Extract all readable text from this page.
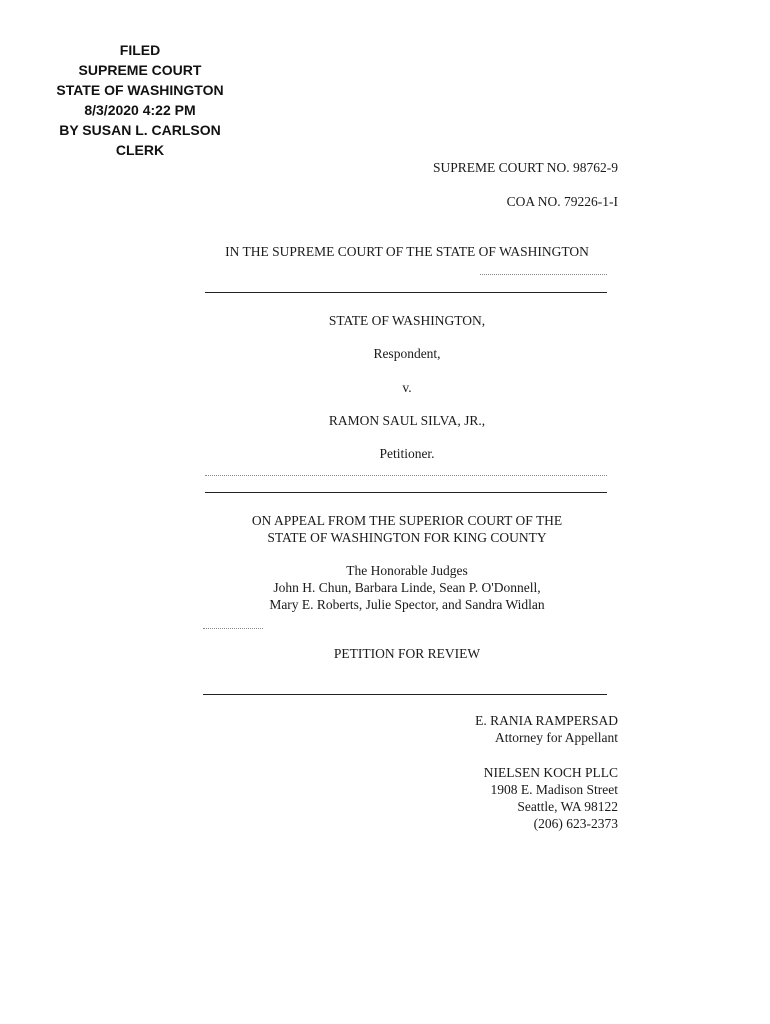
FILED
SUPREME COURT
STATE OF WASHINGTON
8/3/2020 4:22 PM
BY SUSAN L. CARLSON
CLERK
SUPREME COURT NO. 98762-9
COA NO. 79226-1-I
IN THE SUPREME COURT OF THE STATE OF WASHINGTON
STATE OF WASHINGTON,
Respondent,
v.
RAMON SAUL SILVA, JR.,
Petitioner.
ON APPEAL FROM THE SUPERIOR COURT OF THE
STATE OF WASHINGTON FOR KING COUNTY
The Honorable Judges
John H. Chun, Barbara Linde, Sean P. O'Donnell,
Mary E. Roberts, Julie Spector, and Sandra Widlan
PETITION FOR REVIEW
E. RANIA RAMPERSAD
Attorney for Appellant
NIELSEN KOCH PLLC
1908 E. Madison Street
Seattle, WA 98122
(206) 623-2373
